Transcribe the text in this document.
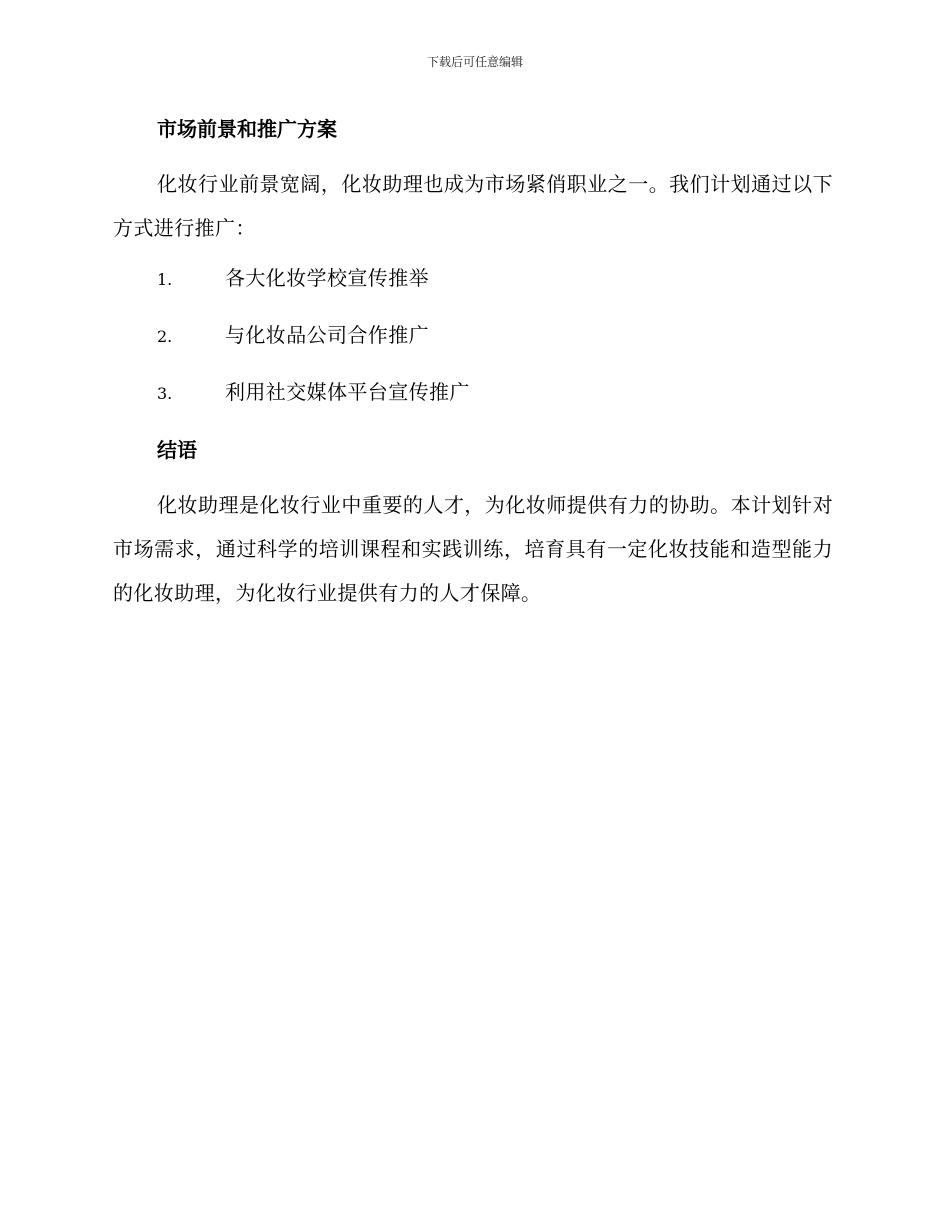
下载后可任意编辑
市场前景和推广方案

化妆行业前景宽阔，化妆助理也成为市场紧俏职业之一。我们计划通过以下方式进行推广：

1.	各大化妆学校宣传推举
2.	与化妆品公司合作推广
3.	利用社交媒体平台宣传推广
结语

化妆助理是化妆行业中重要的人才，为化妆师提供有力的协助。本计划针对市场需求，通过科学的培训课程和实践训练，培育具有一定化妆技能和造型能力的化妆助理，为化妆行业提供有力的人才保障。
